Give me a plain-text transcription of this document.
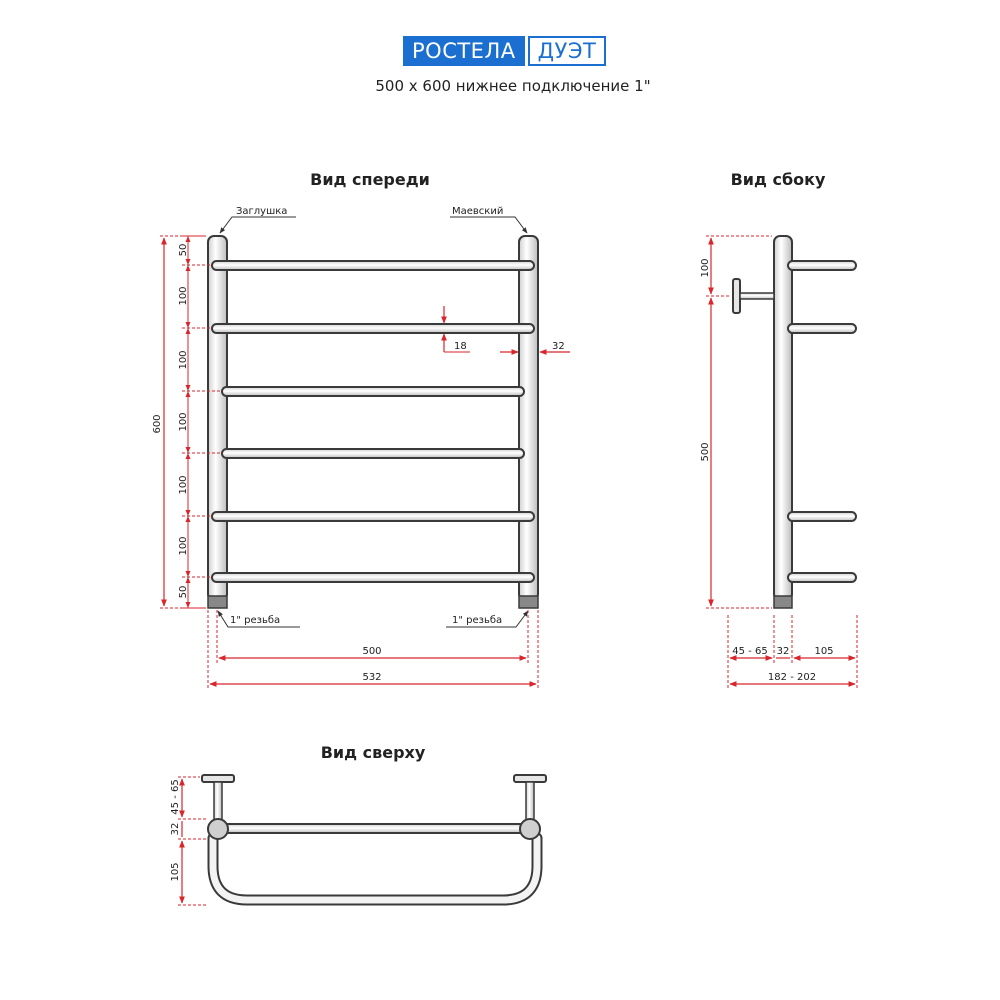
РОСТЕЛА	ДУЭТ
500 x 600 нижнее подключение 1"
Вид спереди
Заглушка	Маевский
1" резьба	1" резьба
600
50
100
100
100
100
100
50
18	32
500
532
Вид сбоку
100
500
45 - 65 32	105
182 - 202
Вид сверху
45 - 65
32
105
